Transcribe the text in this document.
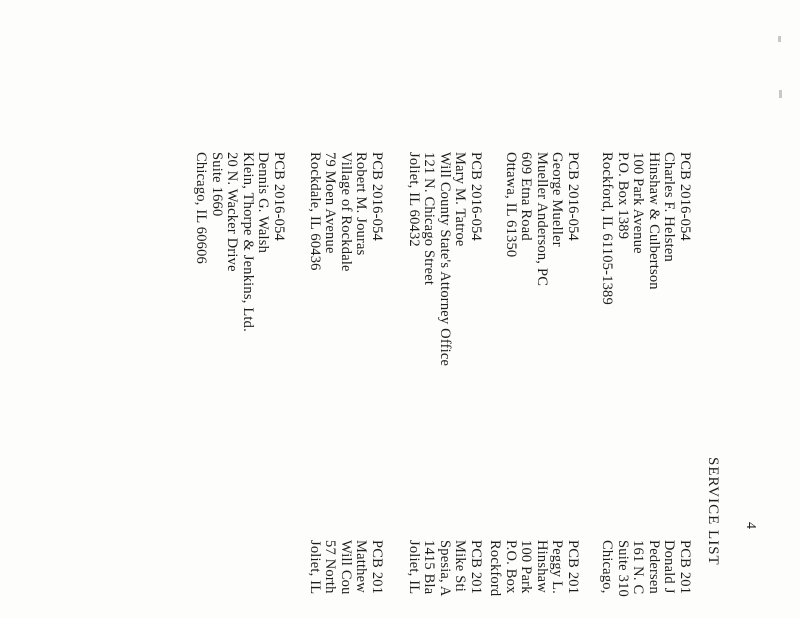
4
SERVICE LIST
PCB 2016-054
Charles F. Helsten
Hinshaw & Culbertson
100 Park Avenue
P.O. Box 1389
Rockford, IL 61105-1389
PCB 2016-054
George Mueller
Mueller Anderson, PC
609 Etna Road
Ottawa, IL 61350
PCB 2016-054
Mary M. Tatroe
Will County State's Attorney Office
121 N. Chicago Street
Joliet, IL 60432
PCB 2016-054
Robert M. Jouras
Village of Rockdale
79 Moen Avenue
Rockdale, IL 60436
PCB 2016-054
Dennis G. Walsh
Klein, Thorpe & Jenkins, Ltd.
20 N. Wacker Drive
Suite 1660
Chicago, IL 60606
PCB 201
Donald J
Pedersen
161 N. C
Suite 310
Chicago,
PCB 201
Peggy L.
Hinshaw
100 Park
P.O. Box
Rockford
PCB 201
Mike Sti
Spesia, A
1415 Bla
Joliet, IL
PCB 201
Matthew
Will Cou
57 North
Joliet, IL
